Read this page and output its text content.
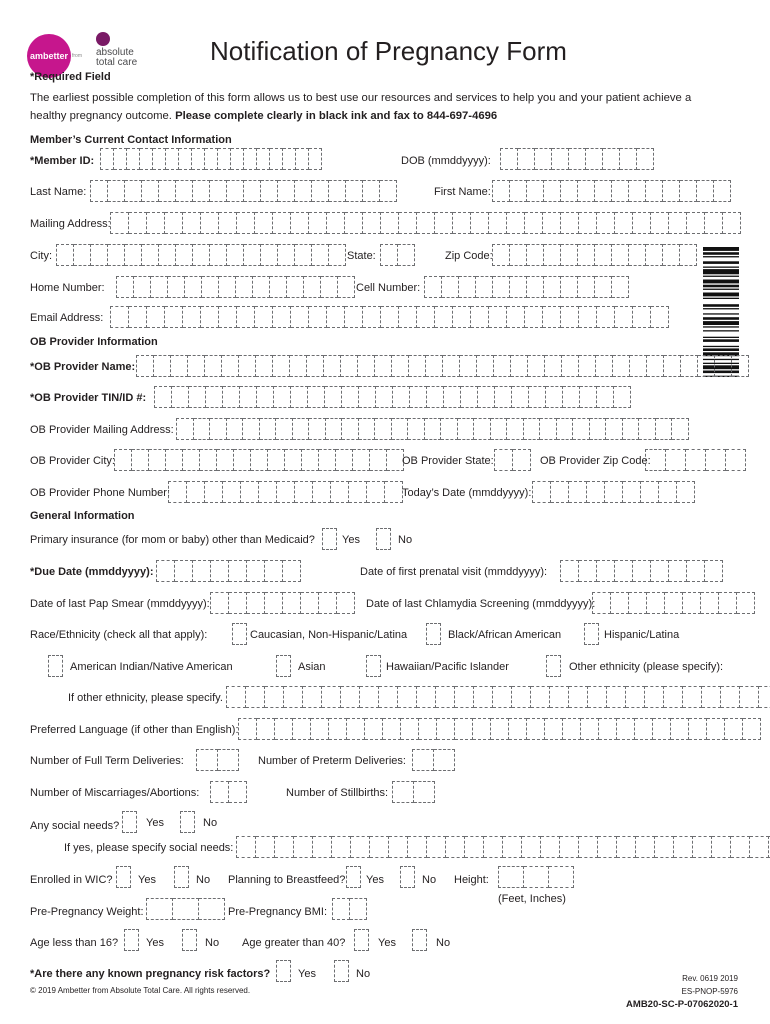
ambetter from absolute total care	Notification of Pregnancy Form
*Required Field
The earliest possible completion of this form allows us to best use our resources and services to help you and your patient achieve a
healthy pregnancy outcome. Please complete clearly in black ink and fax to 844-697-4696
Member’s Current Contact Information
*Member ID:	DOB (mmddyyyy):
Last Name:	First Name:
Mailing Address:
City:	State:	Zip Code:
Home Number:	Cell Number:
Email Address:
OB Provider Information
*OB Provider Name:
*OB Provider TIN/ID #:
OB Provider Mailing Address:
OB Provider City:	OB Provider State:	OB Provider Zip Code:
OB Provider Phone Number:	Today’s Date (mmddyyyy):
General Information
Primary insurance (for mom or baby) other than Medicaid? Yes	No
*Due Date (mmddyyyy):	Date of first prenatal visit (mmddyyyy):
Date of last Pap Smear (mmddyyyy):	Date of last Chlamydia Screening (mmddyyyy):
Race/Ethnicity (check all that apply):	Caucasian, Non-Hispanic/Latina	Black/African American	Hispanic/Latina
American Indian/Native American	Asian	Hawaiian/Pacific Islander	Other ethnicity (please specify):
If other ethnicity, please specify.
Preferred Language (if other than English):
Number of Full Term Deliveries:	Number of Preterm Deliveries:
Number of Miscarriages/Abortions:	Number of Stillbirths:
Any social needs? Yes	No
If yes, please specify social needs:
Enrolled in WIC? Yes	No Planning to Breastfeed? Yes	No Height:
(Feet, Inches)
Pre-Pregnancy Weight:	Pre-Pregnancy BMI:
Age less than 16?	Yes	No Age greater than 40?	Yes	No
*Are there any known pregnancy risk factors?	Yes	No
© 2019 Ambetter from Absolute Total Care. All rights reserved.
Rev. 0619 2019
ES-PNOP-5976
AMB20-SC-P-07062020-1
